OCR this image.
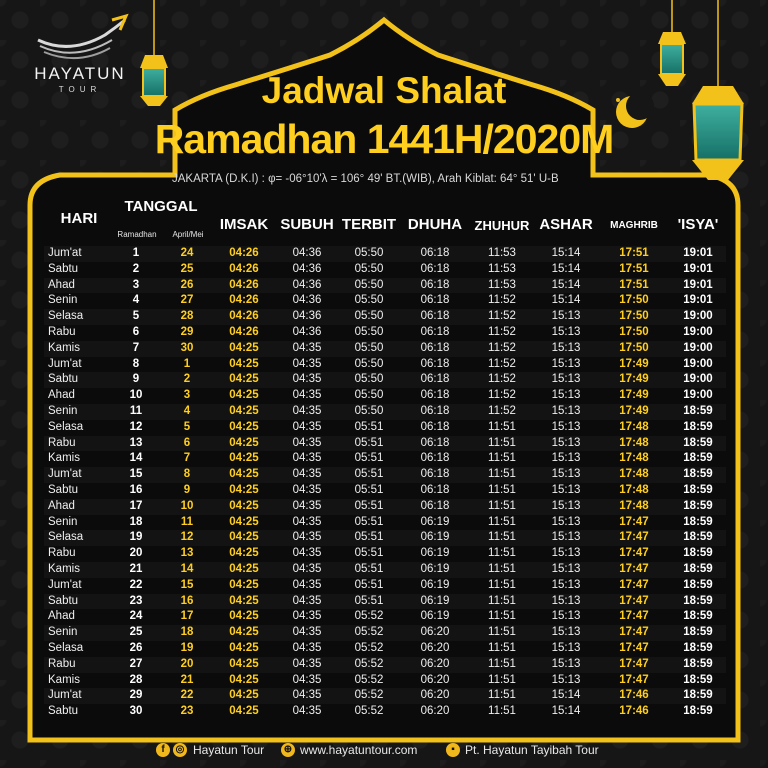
HAYATUN
TOUR	Jadwal Shalat
Ramadhan 1441H/2020M
JAKARTA (D.K.I) : φ= -06°10'λ = 106° 49' BT.(WIB), Arah Kiblat: 64° 51' U-B
HARI
TANGGAL
Ramadhan	April/Mei
IMSAK SUBUH TERBIT DHUHA ZHUHUR ASHAR	MAGHRIB	'ISYA'
Jum'at	1	24	04:26	04:36	05:50	06:18	11:53	15:14	17:51	19:01
Sabtu	2	25	04:26	04:36	05:50	06:18	11:53	15:14	17:51	19:01
Ahad	3	26	04:26	04:36	05:50	06:18	11:53	15:14	17:51	19:01
Senin	4	27	04:26	04:36	05:50	06:18	11:52	15:14	17:50	19:01
Selasa	5	28	04:26	04:36	05:50	06:18	11:52	15:13	17:50	19:00
Rabu	6	29	04:26	04:36	05:50	06:18	11:52	15:13	17:50	19:00
Kamis	7	30	04:25	04:35	05:50	06:18	11:52	15:13	17:50	19:00
Jum'at	8	1	04:25	04:35	05:50	06:18	11:52	15:13	17:49	19:00
Sabtu	9	2	04:25	04:35	05:50	06:18	11:52	15:13	17:49	19:00
Ahad	10	3	04:25	04:35	05:50	06:18	11:52	15:13	17:49	19:00
Senin	11	4	04:25	04:35	05:50	06:18	11:52	15:13	17:49	18:59
Selasa	12	5	04:25	04:35	05:51	06:18	11:51	15:13	17:48	18:59
Rabu	13	6	04:25	04:35	05:51	06:18	11:51	15:13	17:48	18:59
Kamis	14	7	04:25	04:35	05:51	06:18	11:51	15:13	17:48	18:59
Jum'at	15	8	04:25	04:35	05:51	06:18	11:51	15:13	17:48	18:59
Sabtu	16	9	04:25	04:35	05:51	06:18	11:51	15:13	17:48	18:59
Ahad	17	10	04:25	04:35	05:51	06:18	11:51	15:13	17:48	18:59
Senin	18	11	04:25	04:35	05:51	06:19	11:51	15:13	17:47	18:59
Selasa	19	12	04:25	04:35	05:51	06:19	11:51	15:13	17:47	18:59
Rabu	20	13	04:25	04:35	05:51	06:19	11:51	15:13	17:47	18:59
Kamis	21	14	04:25	04:35	05:51	06:19	11:51	15:13	17:47	18:59
Jum'at	22	15	04:25	04:35	05:51	06:19	11:51	15:13	17:47	18:59
Sabtu	23	16	04:25	04:35	05:51	06:19	11:51	15:13	17:47	18:59
Ahad	24	17	04:25	04:35	05:52	06:19	11:51	15:13	17:47	18:59
Senin	25	18	04:25	04:35	05:52	06:20	11:51	15:13	17:47	18:59
Selasa	26	19	04:25	04:35	05:52	06:20	11:51	15:13	17:47	18:59
Rabu	27	20	04:25	04:35	05:52	06:20	11:51	15:13	17:47	18:59
Kamis	28	21	04:25	04:35	05:52	06:20	11:51	15:13	17:47	18:59
Jum'at	29	22	04:25	04:35	05:52	06:20	11:51	15:14	17:46	18:59
Sabtu	30	23	04:25	04:35	05:52	06:20	11:51	15:14	17:46	18:59
f	◎ Hayatun Tour ⊕ www.hayatuntour.com	▪ Pt. Hayatun Tayibah Tour
